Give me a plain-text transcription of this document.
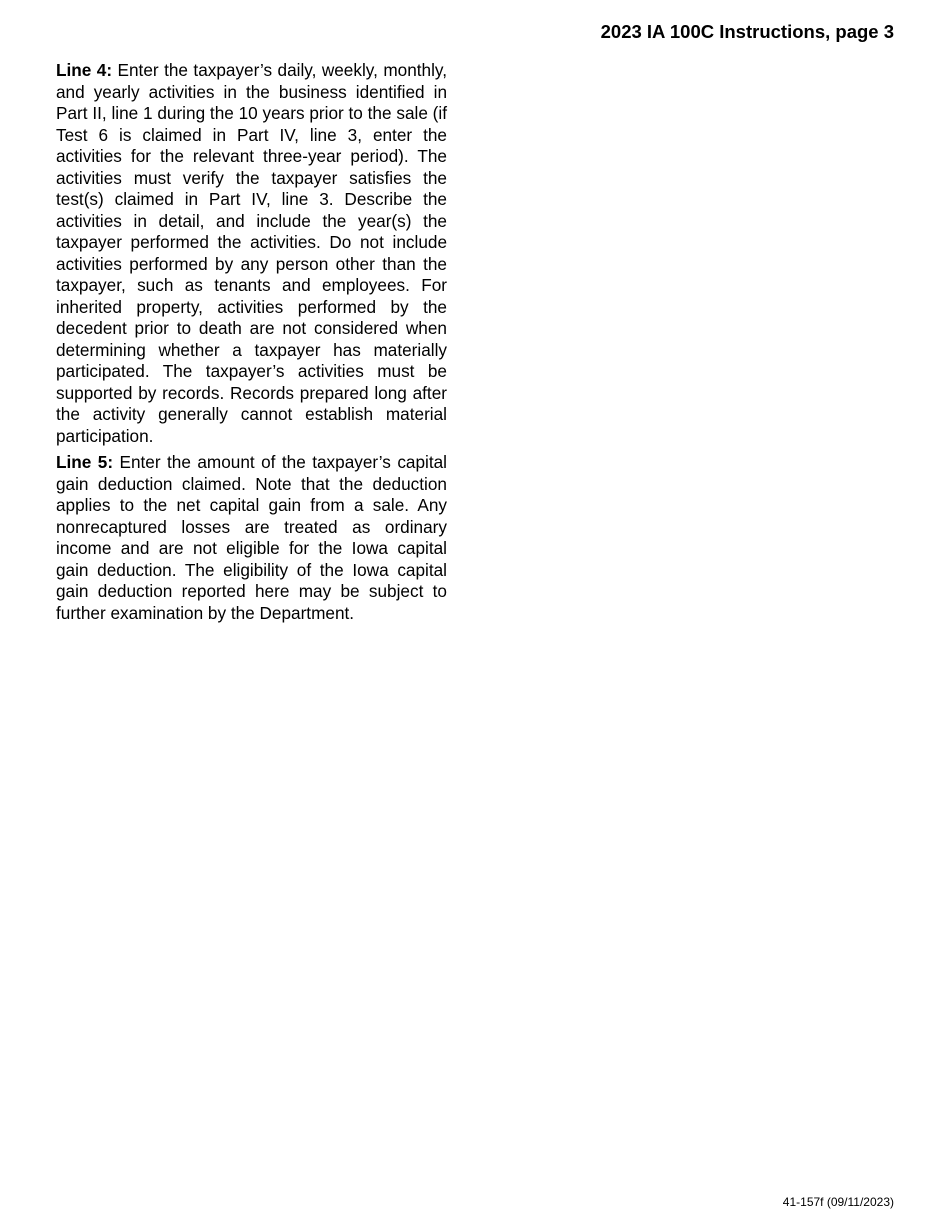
2023 IA 100C Instructions, page 3

Line 4: Enter the taxpayer’s daily, weekly, monthly, and yearly activities in the business identified in Part II, line 1 during the 10 years prior to the sale (if Test 6 is claimed in Part IV, line 3, enter the activities for the relevant three-year period). The activities must verify the taxpayer satisfies the test(s) claimed in Part IV, line 3. Describe the activities in detail, and include the year(s) the taxpayer performed the activities. Do not include activities performed by any person other than the taxpayer, such as tenants and employees. For inherited property, activities performed by the decedent prior to death are not considered when determining whether a taxpayer has materially participated. The taxpayer’s activities must be supported by records. Records prepared long after the activity generally cannot establish material participation.

Line 5: Enter the amount of the taxpayer’s capital gain deduction claimed. Note that the deduction applies to the net capital gain from a sale. Any nonrecaptured losses are treated as ordinary income and are not eligible for the Iowa capital gain deduction. The eligibility of the Iowa capital gain deduction reported here may be subject to further examination by the Department.

41-157f (09/11/2023)
